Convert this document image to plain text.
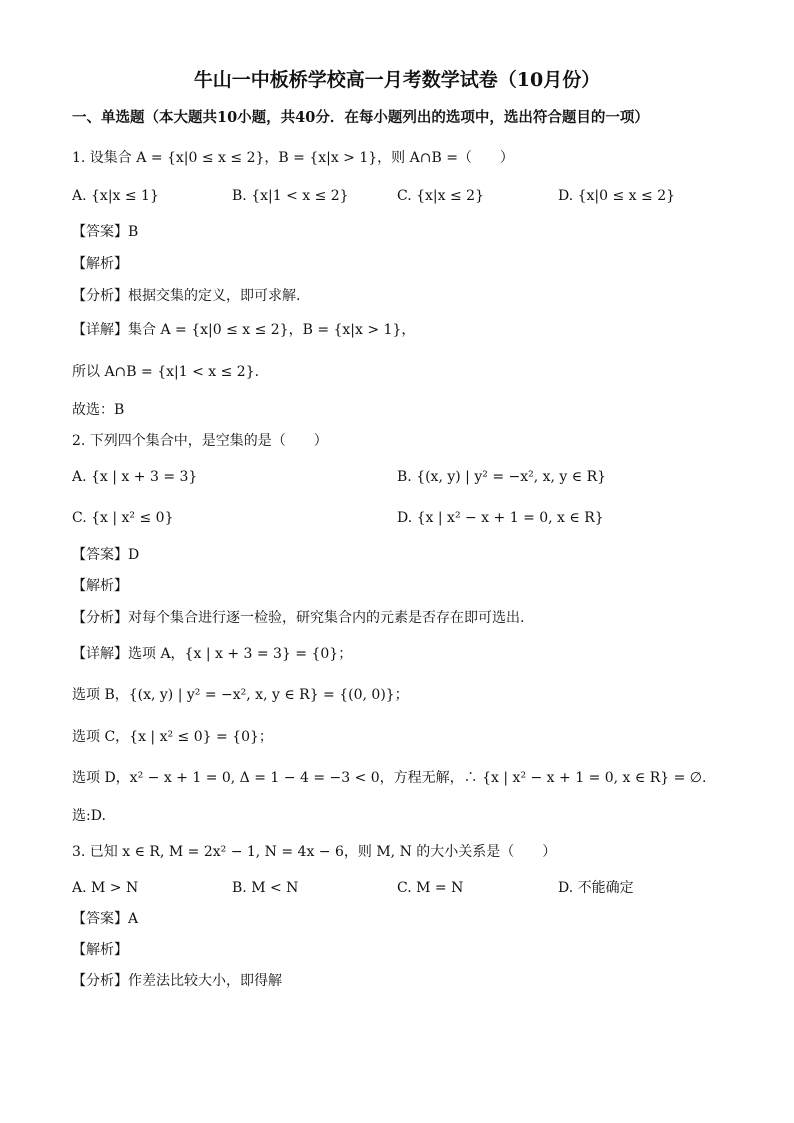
牛山一中板桥学校高一月考数学试卷（10月份）
一、单选题（本大题共10小题，共40分．在每小题列出的选项中，选出符合题目的一项）
1. 设集合 A = {x|0 ≤ x ≤ 2}，B = {x|x > 1}，则 A∩B =（　　）
A. {x|x ≤ 1}	B. {x|1 < x ≤ 2}	C. {x|x ≤ 2}	D. {x|0 ≤ x ≤ 2}
【答案】B
【解析】
【分析】根据交集的定义，即可求解.
【详解】集合 A = {x|0 ≤ x ≤ 2}，B = {x|x > 1}，
所以 A∩B = {x|1 < x ≤ 2}.
故选：B
2. 下列四个集合中，是空集的是（　　）
A. {x | x + 3 = 3}	B. {(x, y) | y² = −x², x, y ∈ R}
C. {x | x² ≤ 0}	D. {x | x² − x + 1 = 0, x ∈ R}
【答案】D
【解析】
【分析】对每个集合进行逐一检验，研究集合内的元素是否存在即可选出.
【详解】选项 A，{x | x + 3 = 3} = {0}；
选项 B，{(x, y) | y² = −x², x, y ∈ R} = {(0, 0)}；
选项 C，{x | x² ≤ 0} = {0}；
选项 D，x² − x + 1 = 0, Δ = 1 − 4 = −3 < 0，方程无解，∴ {x | x² − x + 1 = 0, x ∈ R} = ∅.
选:D.
3. 已知 x ∈ R, M = 2x² − 1, N = 4x − 6，则 M, N 的大小关系是（　　）
A. M > N	B. M < N	C. M = N	D. 不能确定
【答案】A
【解析】
【分析】作差法比较大小，即得解
